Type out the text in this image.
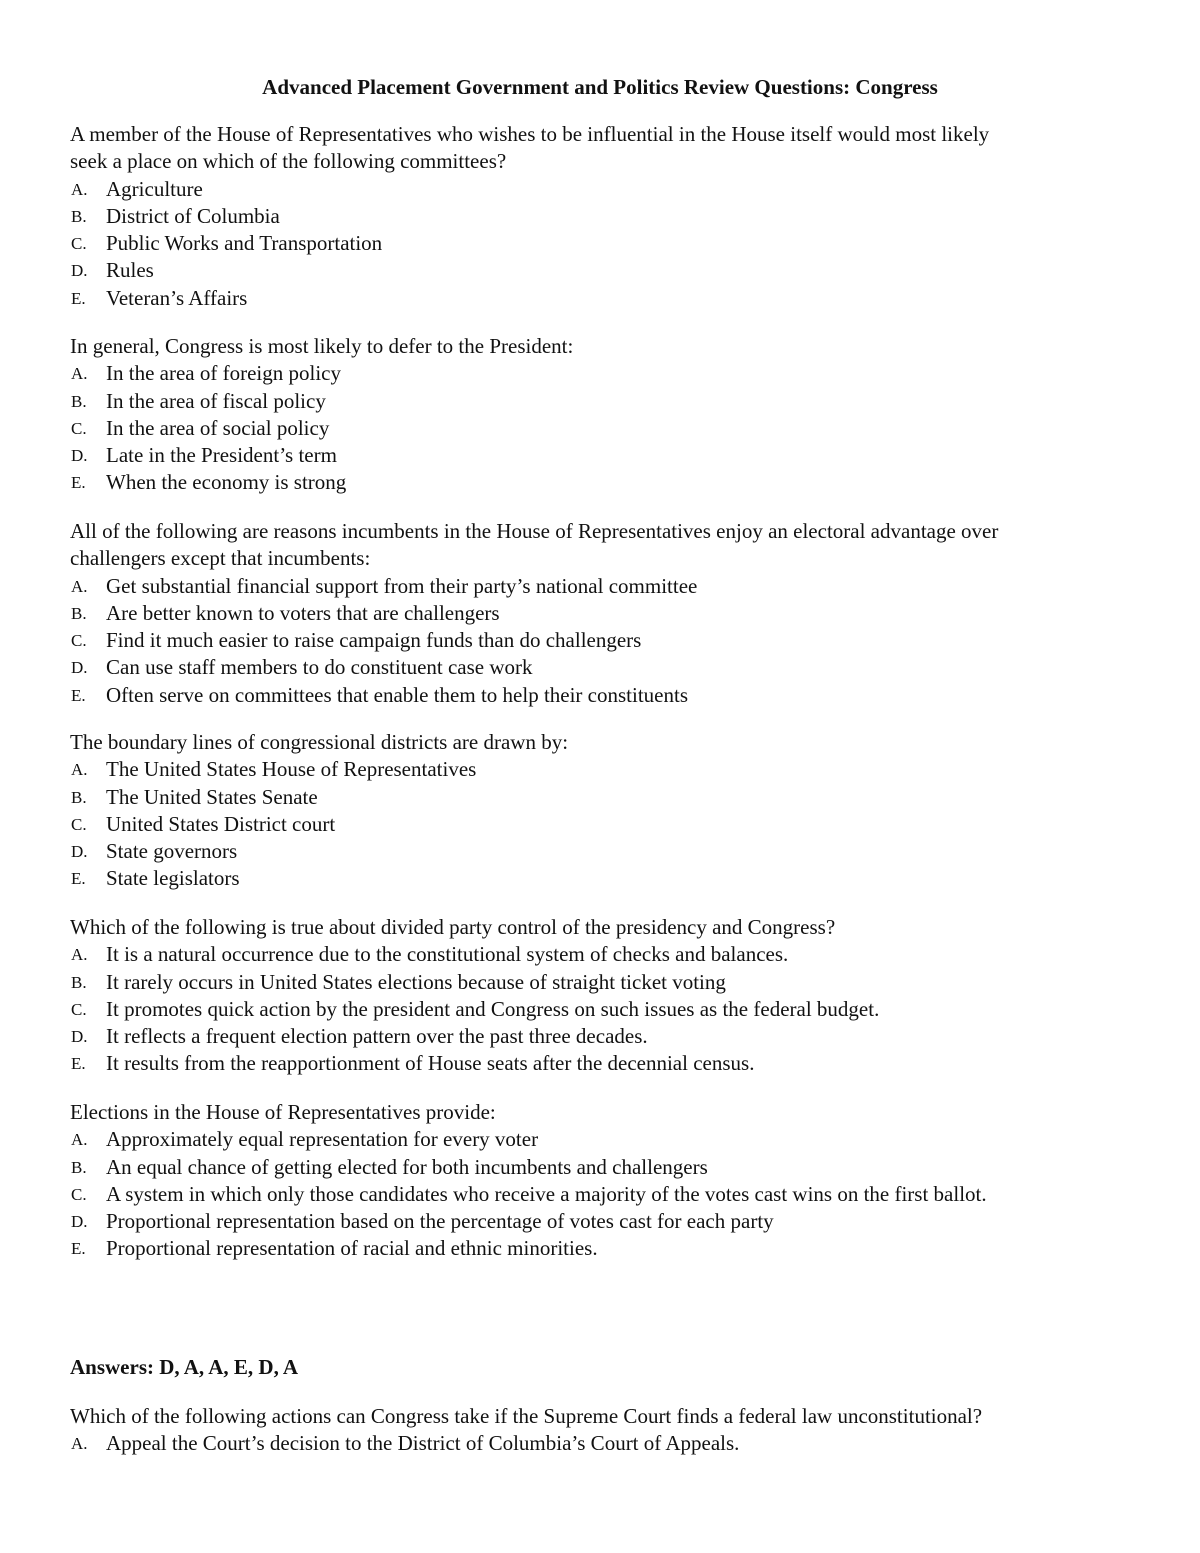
Advanced Placement Government and Politics Review Questions: Congress

A member of the House of Representatives who wishes to be influential in the House itself would most likely
seek a place on which of the following committees?

A. Agriculture
B. District of Columbia
C. Public Works and Transportation
D. Rules
E. Veteran’s Affairs

In general, Congress is most likely to defer to the President:

A. In the area of foreign policy
B. In the area of fiscal policy
C. In the area of social policy
D. Late in the President’s term
E. When the economy is strong

All of the following are reasons incumbents in the House of Representatives enjoy an electoral advantage over
challengers except that incumbents:

A. Get substantial financial support from their party’s national committee
B. Are better known to voters that are challengers
C. Find it much easier to raise campaign funds than do challengers
D. Can use staff members to do constituent case work
E. Often serve on committees that enable them to help their constituents

The boundary lines of congressional districts are drawn by:

A. The United States House of Representatives
B. The United States Senate
C. United States District court
D. State governors
E. State legislators

Which of the following is true about divided party control of the presidency and Congress?

A. It is a natural occurrence due to the constitutional system of checks and balances.
B. It rarely occurs in United States elections because of straight ticket voting
C. It promotes quick action by the president and Congress on such issues as the federal budget.
D. It reflects a frequent election pattern over the past three decades.
E. It results from the reapportionment of House seats after the decennial census.

Elections in the House of Representatives provide:

A. Approximately equal representation for every voter
B. An equal chance of getting elected for both incumbents and challengers
C. A system in which only those candidates who receive a majority of the votes cast wins on the first ballot.
D. Proportional representation based on the percentage of votes cast for each party
E. Proportional representation of racial and ethnic minorities.
Answers: D, A, A, E, D, A

Which of the following actions can Congress take if the Supreme Court finds a federal law unconstitutional?

A. Appeal the Court’s decision to the District of Columbia’s Court of Appeals.
